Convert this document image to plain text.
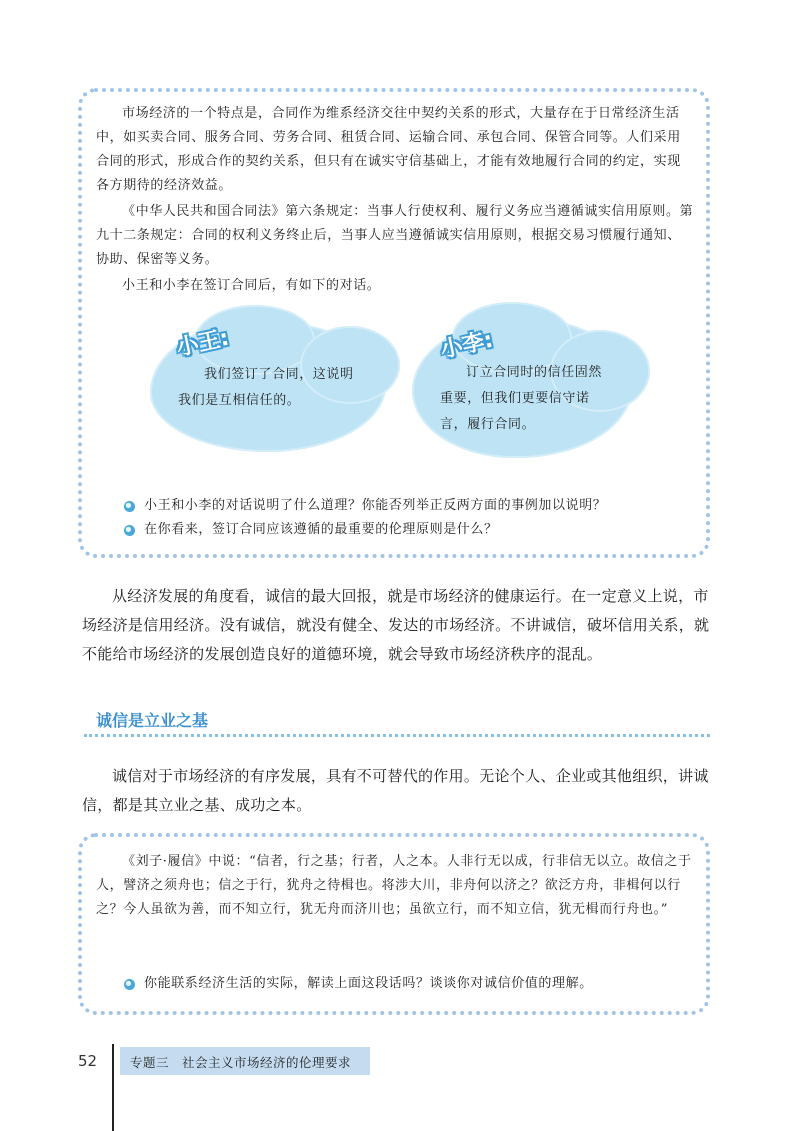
市场经济的一个特点是，合同作为维系经济交往中契约关系的形式，大量存在于日常经济生活中，如买卖合同、服务合同、劳务合同、租赁合同、运输合同、承包合同、保管合同等。人们采用合同的形式，形成合作的契约关系，但只有在诚实守信基础上，才能有效地履行合同的约定，实现各方期待的经济效益。

《中华人民共和国合同法》第六条规定：当事人行使权利、履行义务应当遵循诚实信用原则。第九十二条规定：合同的权利义务终止后，当事人应当遵循诚实信用原则，根据交易习惯履行通知、协助、保密等义务。

小王和小李在签订合同后，有如下的对话。

小王:	小李:
我们签订了合同，这说明我们是互相信任的。
订立合同时的信任固然重要，但我们更要信守诺言，履行合同。
小王和小李的对话说明了什么道理？你能否列举正反两方面的事例加以说明？
在你看来，签订合同应该遵循的最重要的伦理原则是什么？

从经济发展的角度看，诚信的最大回报，就是市场经济的健康运行。在一定意义上说，市场经济是信用经济。没有诚信，就没有健全、发达的市场经济。不讲诚信，破坏信用关系，就不能给市场经济的发展创造良好的道德环境，就会导致市场经济秩序的混乱。

诚信是立业之基

诚信对于市场经济的有序发展，具有不可替代的作用。无论个人、企业或其他组织，讲诚信，都是其立业之基、成功之本。

《刘子·履信》中说：“信者，行之基；行者，人之本。人非行无以成，行非信无以立。故信之于人，譬济之须舟也；信之于行，犹舟之待楫也。将涉大川，非舟何以济之？欲泛方舟，非楫何以行之？今人虽欲为善，而不知立行，犹无舟而济川也；虽欲立行，而不知立信，犹无楫而行舟也。”

你能联系经济生活的实际，解读上面这段话吗？谈谈你对诚信价值的理解。
52	专题三　社会主义市场经济的伦理要求
